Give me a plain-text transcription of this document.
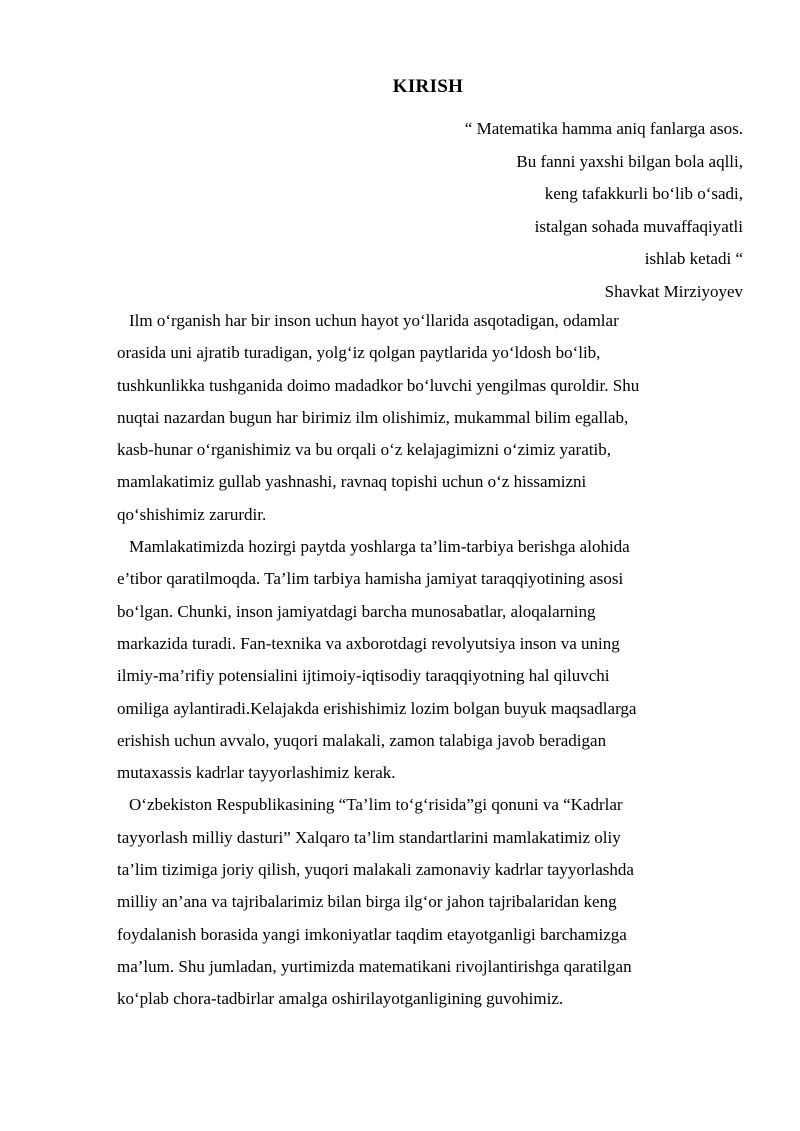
KIRISH
“ Matematika hamma aniq fanlarga asos.
Bu fanni yaxshi bilgan bola aqlli,
keng tafakkurli bo‘lib o‘sadi,
istalgan sohada muvaffaqiyatli
ishlab ketadi “
Shavkat Mirziyoyev
Ilm o‘rganish har bir inson uchun hayot yo‘llarida asqotadigan, odamlar
orasida uni ajratib turadigan, yolg‘iz qolgan paytlarida yo‘ldosh bo‘lib,
tushkunlikka tushganida doimo madadkor bo‘luvchi yengilmas quroldir. Shu
nuqtai nazardan bugun har birimiz ilm olishimiz, mukammal bilim egallab,
kasb-hunar o‘rganishimiz va bu orqali o‘z kelajagimizni o‘zimiz yaratib,
mamlakatimiz gullab yashnashi, ravnaq topishi uchun o‘z hissamizni
qo‘shishimiz zarurdir.
Mamlakatimizda hozirgi paytda yoshlarga ta’lim-tarbiya berishga alohida
e’tibor qaratilmoqda. Ta’lim tarbiya hamisha jamiyat taraqqiyotining asosi
bo‘lgan. Chunki, inson jamiyatdagi barcha munosabatlar, aloqalarning
markazida turadi. Fan-texnika va axborotdagi revolyutsiya inson va uning
ilmiy-ma’rifiy potensialini ijtimoiy-iqtisodiy taraqqiyotning hal qiluvchi
omiliga aylantiradi.Kelajakda erishishimiz lozim bolgan buyuk maqsadlarga
erishish uchun avvalo, yuqori malakali, zamon talabiga javob beradigan
mutaxassis kadrlar tayyorlashimiz kerak.
O‘zbekiston Respublikasining “Ta’lim to‘g‘risida”gi qonuni va “Kadrlar
tayyorlash milliy dasturi” Xalqaro ta’lim standartlarini mamlakatimiz oliy
ta’lim tizimiga joriy qilish, yuqori malakali zamonaviy kadrlar tayyorlashda
milliy an’ana va tajribalarimiz bilan birga ilg‘or jahon tajribalaridan keng
foydalanish borasida yangi imkoniyatlar taqdim etayotganligi barchamizga
ma’lum. Shu jumladan, yurtimizda matematikani rivojlantirishga qaratilgan
ko‘plab chora-tadbirlar amalga oshirilayotganligining guvohimiz.
